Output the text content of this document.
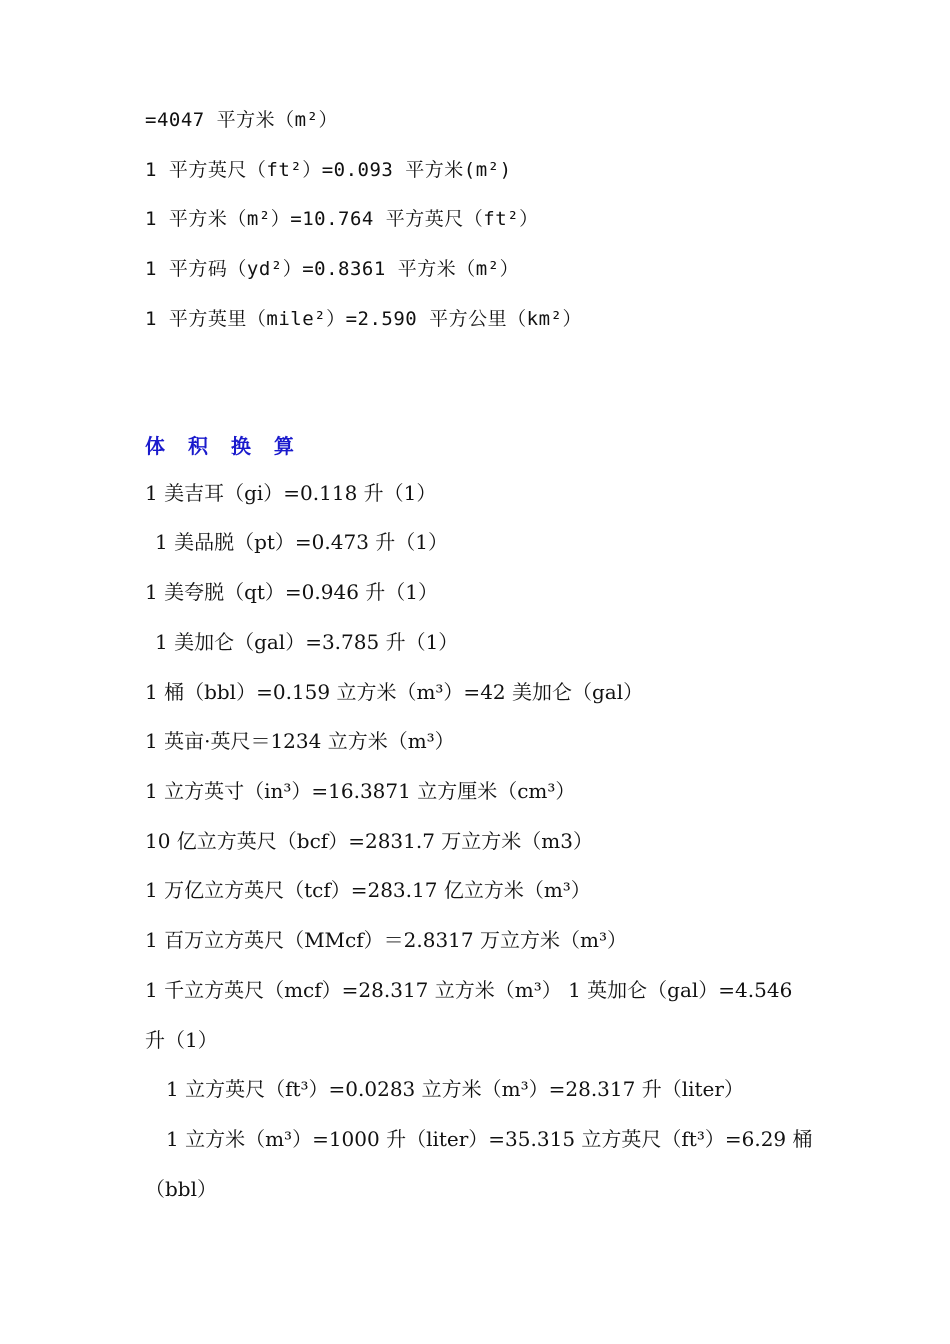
=4047 平方米（m²）
1 平方英尺（ft²）=0.093 平方米(m²)
1 平方米（m²）=10.764 平方英尺（ft²）
1 平方码（yd²）=0.8361 平方米（m²）
1 平方英里（mile²）=2.590 平方公里（km²）
体 积 换 算
1 美吉耳（gi）=0.118 升（1）
1 美品脱（pt）=0.473 升（1）
1 美夸脱（qt）=0.946 升（1）
1 美加仑（gal）=3.785 升（1）
1 桶（bbl）=0.159 立方米（m³）=42 美加仑（gal）
1 英亩·英尺＝1234 立方米（m³）
1 立方英寸（in³）=16.3871 立方厘米（cm³）
10 亿立方英尺（bcf）=2831.7 万立方米（m3）
1 万亿立方英尺（tcf）=283.17 亿立方米（m³）
1 百万立方英尺（MMcf）＝2.8317 万立方米（m³）
1 千立方英尺（mcf）=28.317 立方米（m³） 1 英加仑（gal）=4.546
升（1）
1 立方英尺（ft³）=0.0283 立方米（m³）=28.317 升（liter）
1 立方米（m³）=1000 升（liter）=35.315 立方英尺（ft³）=6.29 桶
（bbl）
